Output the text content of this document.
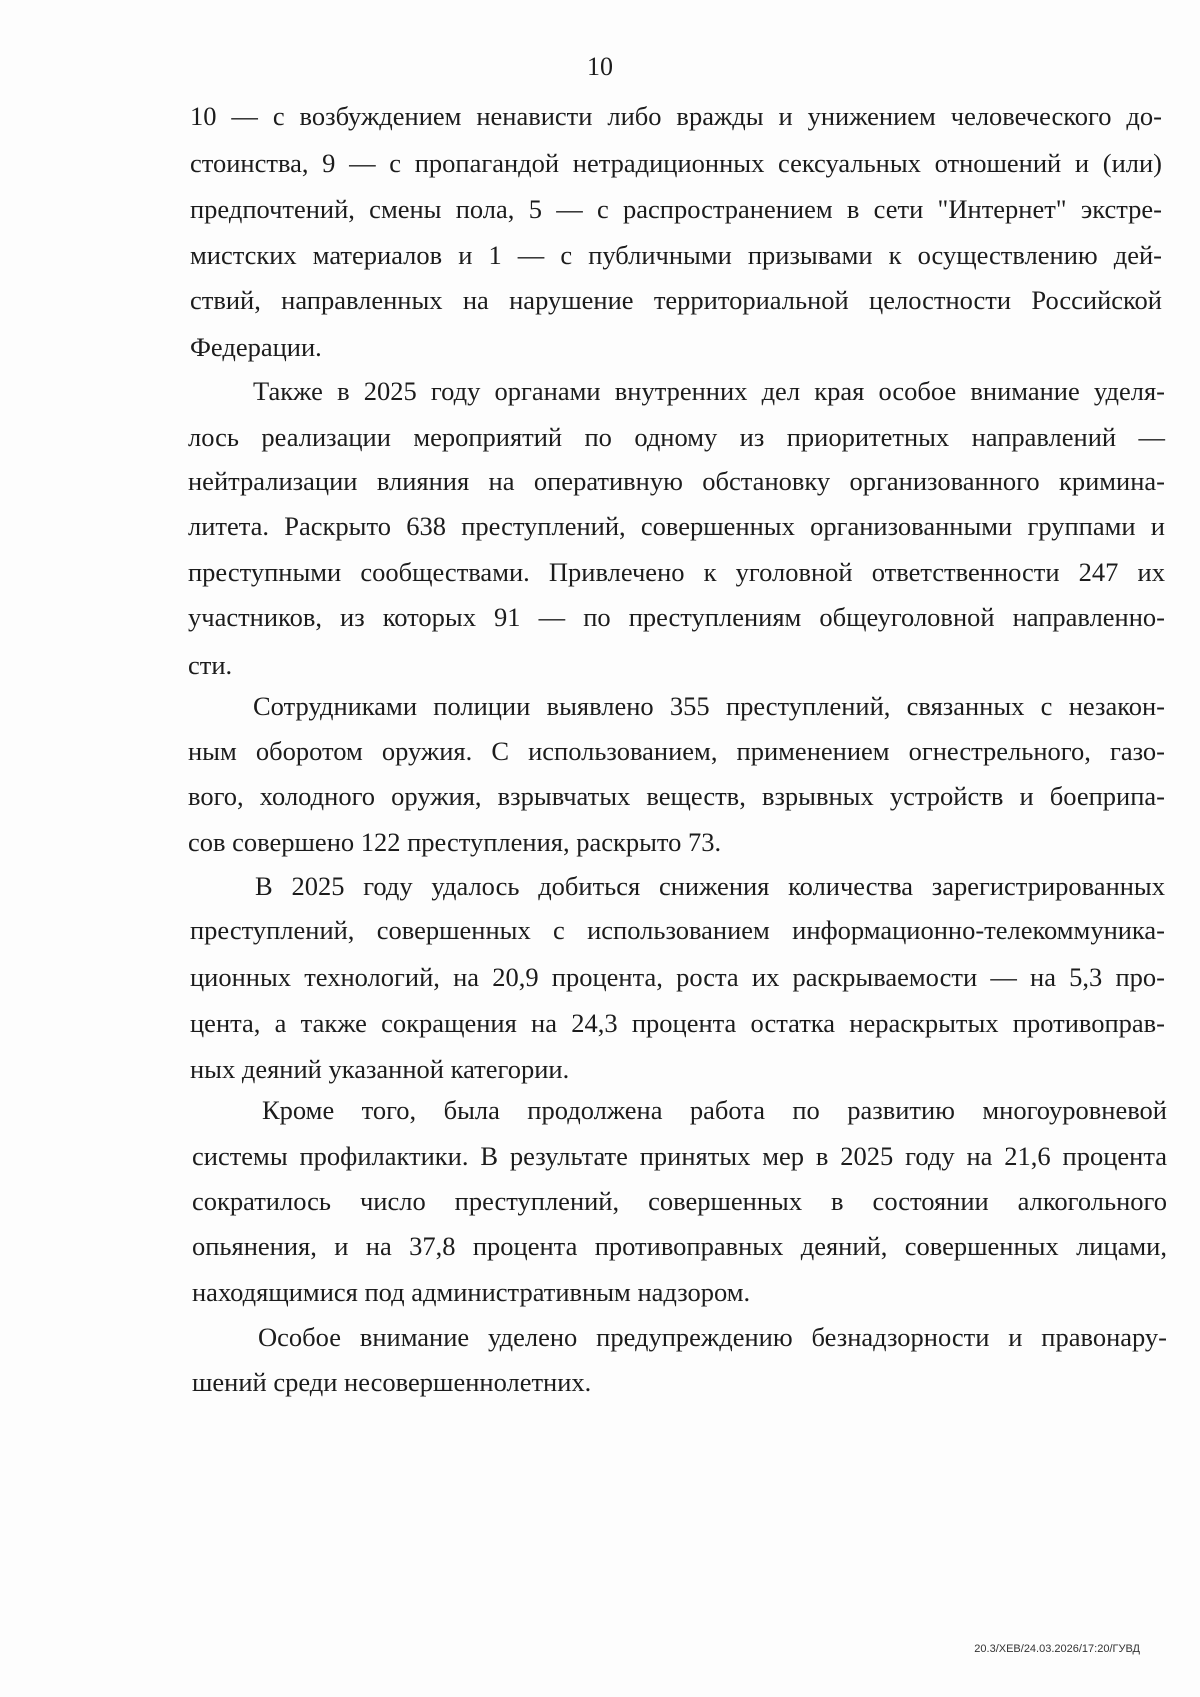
10
10 — с возбуждением ненависти либо вражды и унижением человеческого до-
стоинства, 9 — с пропагандой нетрадиционных сексуальных отношений и (или)
предпочтений, смены пола, 5 — с распространением в сети "Интернет" экстре-
мистских материалов и 1 — с публичными призывами к осуществлению дей-
ствий, направленных на нарушение территориальной целостности Российской
Федерации.
Также в 2025 году органами внутренних дел края особое внимание уделя-
лось реализации мероприятий по одному из приоритетных направлений —
нейтрализации влияния на оперативную обстановку организованного кримина-
литета. Раскрыто 638 преступлений, совершенных организованными группами и
преступными сообществами. Привлечено к уголовной ответственности 247 их
участников, из которых 91 — по преступлениям общеуголовной направленно-
сти.
Сотрудниками полиции выявлено 355 преступлений, связанных с незакон-
ным оборотом оружия. С использованием, применением огнестрельного, газо-
вого, холодного оружия, взрывчатых веществ, взрывных устройств и боеприпа-
сов совершено 122 преступления, раскрыто 73.
В 2025 году удалось добиться снижения количества зарегистрированных
преступлений, совершенных с использованием информационно-телекоммуника-
ционных технологий, на 20,9 процента, роста их раскрываемости — на 5,3 про-
цента, а также сокращения на 24,3 процента остатка нераскрытых противоправ-
ных деяний указанной категории.
Кроме того, была продолжена работа по развитию многоуровневой
системы профилактики. В результате принятых мер в 2025 году на 21,6 процента
сократилось число преступлений, совершенных в состоянии алкогольного
опьянения, и на 37,8 процента противоправных деяний, совершенных лицами,
находящимися под административным надзором.
Особое внимание уделено предупреждению безнадзорности и правонару-
шений среди несовершеннолетних.
20.3/ХЕВ/24.03.2026/17:20/ГУВД
